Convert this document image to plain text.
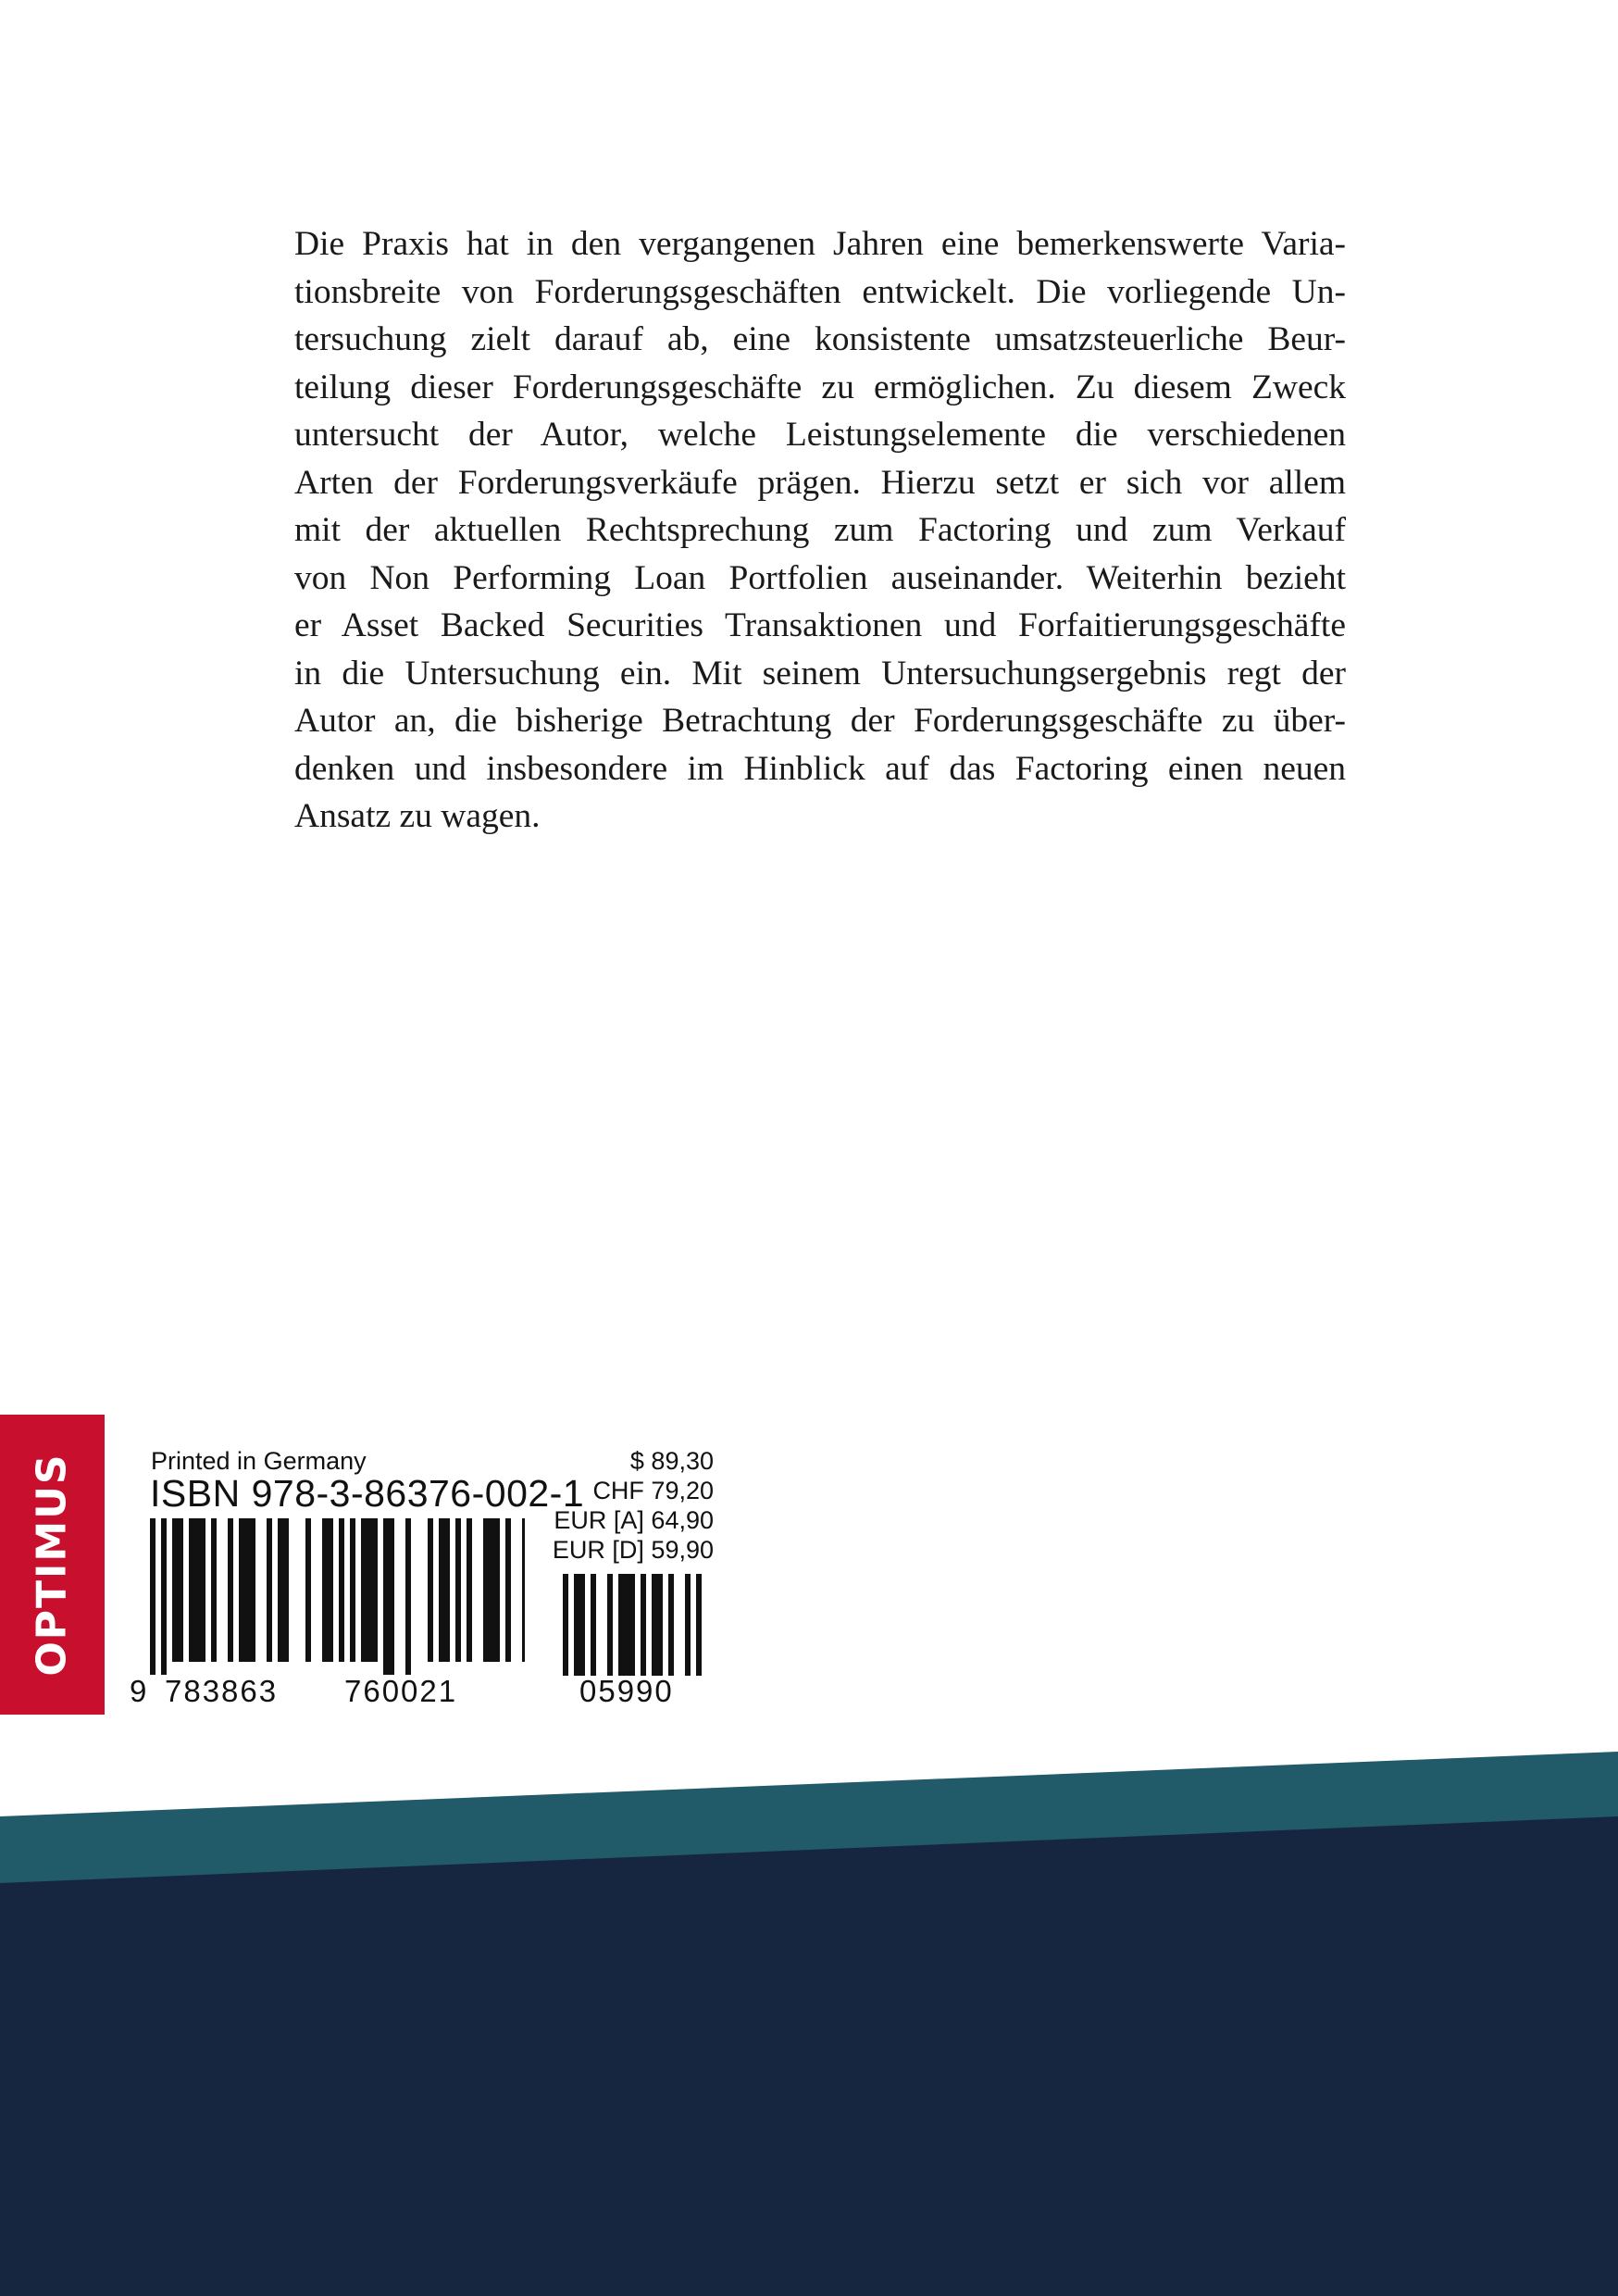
Die Praxis hat in den vergangenen Jahren eine bemerkenswerte Varia-
tionsbreite von Forderungsgeschäften entwickelt. Die vorliegende Un-
tersuchung zielt darauf ab, eine konsistente umsatzsteuerliche Beur-
teilung dieser Forderungsgeschäfte zu ermöglichen. Zu diesem Zweck
untersucht der Autor, welche Leistungselemente die verschiedenen
Arten der Forderungsverkäufe prägen. Hierzu setzt er sich vor allem
mit der aktuellen Rechtsprechung zum Factoring und zum Verkauf
von Non Performing Loan Portfolien auseinander. Weiterhin bezieht
er Asset Backed Securities Transaktionen und Forfaitierungsgeschäfte
in die Untersuchung ein. Mit seinem Untersuchungsergebnis regt der
Autor an, die bisherige Betrachtung der Forderungsgeschäfte zu über-
denken und insbesondere im Hinblick auf das Factoring einen neuen
Ansatz zu wagen.
OPTIMUS	Printed in Germany
ISBN 978-3-86376-002-1
$ 89,30
CHF 79,20
EUR [A] 64,90
EUR [D] 59,90
9 783863 760021	05990
